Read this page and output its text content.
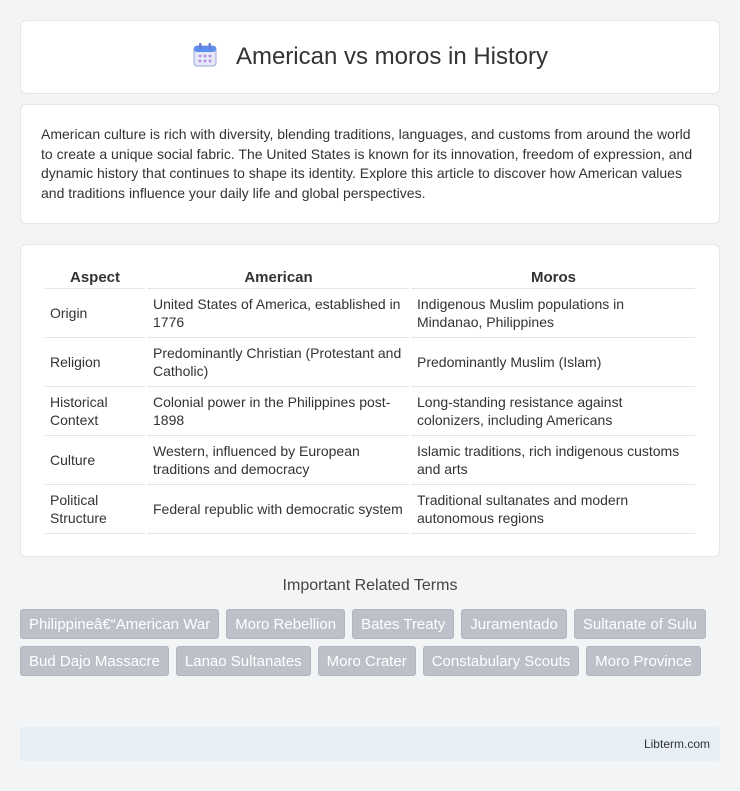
American vs moros in History

American culture is rich with diversity, blending traditions, languages, and customs from around the world to create a unique social fabric. The United States is known for its innovation, freedom of expression, and dynamic history that continues to shape its identity. Explore this article to discover how American values and traditions influence your daily life and global perspectives.

Aspect	American	Moros
Origin	United States of America, established in 1776	Indigenous Muslim populations in Mindanao, Philippines
Religion	Predominantly Christian (Protestant and Catholic)	Predominantly Muslim (Islam)
Historical Context	Colonial power in the Philippines post-1898	Long-standing resistance against colonizers, including Americans
Culture	Western, influenced by European traditions and democracy	Islamic traditions, rich indigenous customs and arts
Political Structure	Federal republic with democratic system	Traditional sultanates and modern autonomous regions
Important Related Terms
Philippineâ€“American War	Moro Rebellion	Bates Treaty	Juramentado	Sultanate of Sulu
Bud Dajo Massacre	Lanao Sultanates	Moro Crater	Constabulary Scouts	Moro Province
Libterm.com
